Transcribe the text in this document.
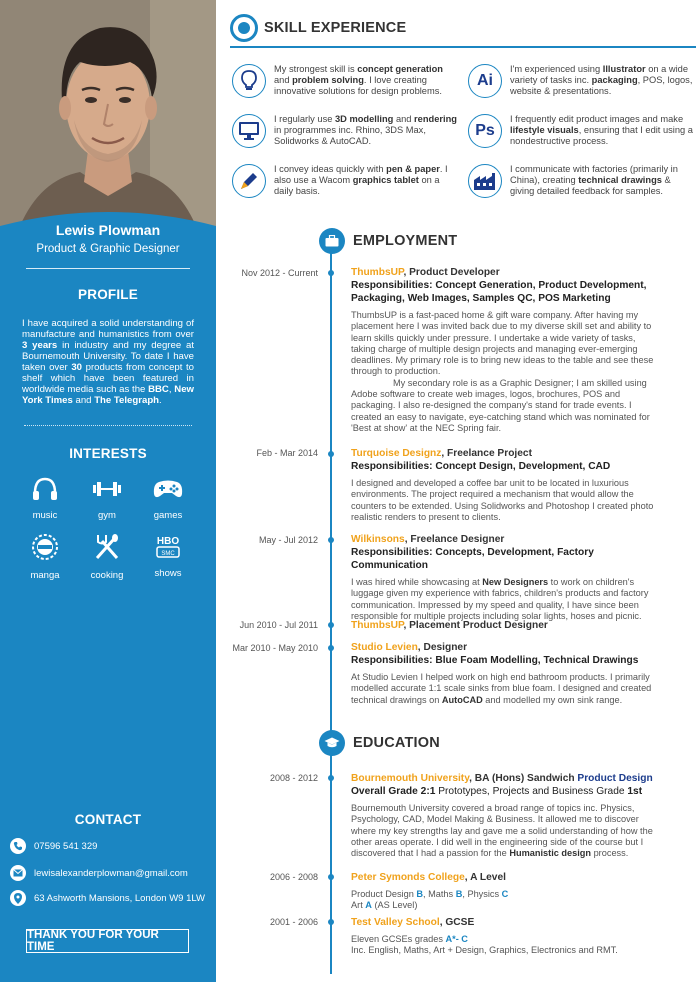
Lewis Plowman
Product & Graphic Designer
PROFILE
I have acquired a solid understanding of manufacture and humanistics from over 3 years in industry and my degree at Bournemouth University. To date I have taken over 30 products from concept to shelf which have been featured in worldwide media such as the BBC, New York Times and The Telegraph.
INTERESTS
music	gym	games
manga	cooking
HBO
SMC
shows
CONTACT
07596 541 329
lewisalexanderplowman@gmail.com
63 Ashworth Mansions, London W9 1LW
THANK YOU FOR YOUR TIME
SKILL EXPERIENCE
My strongest skill is concept generation and problem solving. I love creating innovative solutions for design problems.
Ai
I'm experienced using Illustrator on a wide variety of tasks inc. packaging, POS, logos, website & presentations.
I regularly use 3D modelling and rendering in programmes inc. Rhino, 3DS Max, Solidworks & AutoCAD.
Ps
I frequently edit product images and make lifestyle visuals, ensuring that I edit using a nondestructive process.
I convey ideas quickly with pen & paper. I also use a Wacom graphics tablet on a daily basis.
I communicate with factories (primarily in China), creating technical drawings & giving detailed feedback for samples.
EMPLOYMENT
Nov 2012 - Current	ThumbsUP, Product Developer
Responsibilities: Concept Generation, Product Development, Packaging, Web Images, Samples QC, POS Marketing
ThumbsUP is a fast-paced home & gift ware company. After having my placement here I was invited back due to my diverse skill set and ability to learn skills quickly under pressure. I undertake a wide variety of tasks, taking charge of multiple design projects and managing ever-emerging deadlines. My primary role is to bring new ideas to the table and see these through to production.
My secondary role is as a Graphic Designer; I am skilled using Adobe software to create web images, logos, brochures, POS and packaging. I also re-designed the company's stand for trade events. I created an easy to navigate, eye-catching stand which was nominated for 'Best at show' at the NEC Spring fair.
Feb - Mar 2014	Turquoise Designz, Freelance Project
Responsibilities: Concept Design, Development, CAD
I designed and developed a coffee bar unit to be located in luxurious environments. The project required a mechanism that would allow the counters to be extended. Using Solidworks and Photoshop I created photo realistic renders to present to clients.
May - Jul 2012	Wilkinsons, Freelance Designer
Responsibilities: Concepts, Development, Factory Communication
I was hired while showcasing at New Designers to work on children's luggage given my experience with fabrics, children's products and factory communication. Impressed by my speed and quality, I have since been responsible for multiple projects including solar lights, hoses and picnic.
Jun 2010 - Jul 2011	ThumbsUP, Placement Product Designer
Mar 2010 - May 2010	Studio Levien, Designer
Responsibilities: Blue Foam Modelling, Technical Drawings
At Studio Levien I helped work on high end bathroom products. I primarily modelled accurate 1:1 scale sinks from blue foam. I designed and created technical drawings on AutoCAD and modelled my own sink range.
EDUCATION
2008 - 2012	Bournemouth University, BA (Hons) Sandwich Product Design
Overall Grade 2:1 Prototypes, Projects and Business Grade 1st
Bournemouth University covered a broad range of topics inc. Physics, Psychology, CAD, Model Making & Business. It allowed me to discover where my key strengths lay and gave me a solid understanding of how the other areas operate. I did well in the engineering side of the course but I discovered that I had a passion for the Humanistic design process.
2006 - 2008	Peter Symonds College, A Level
Product Design B, Maths B, Physics C
Art A (AS Level)
2001 - 2006	Test Valley School, GCSE
Eleven GCSEs grades A*- C
Inc. English, Maths, Art + Design, Graphics, Electronics and RMT.
